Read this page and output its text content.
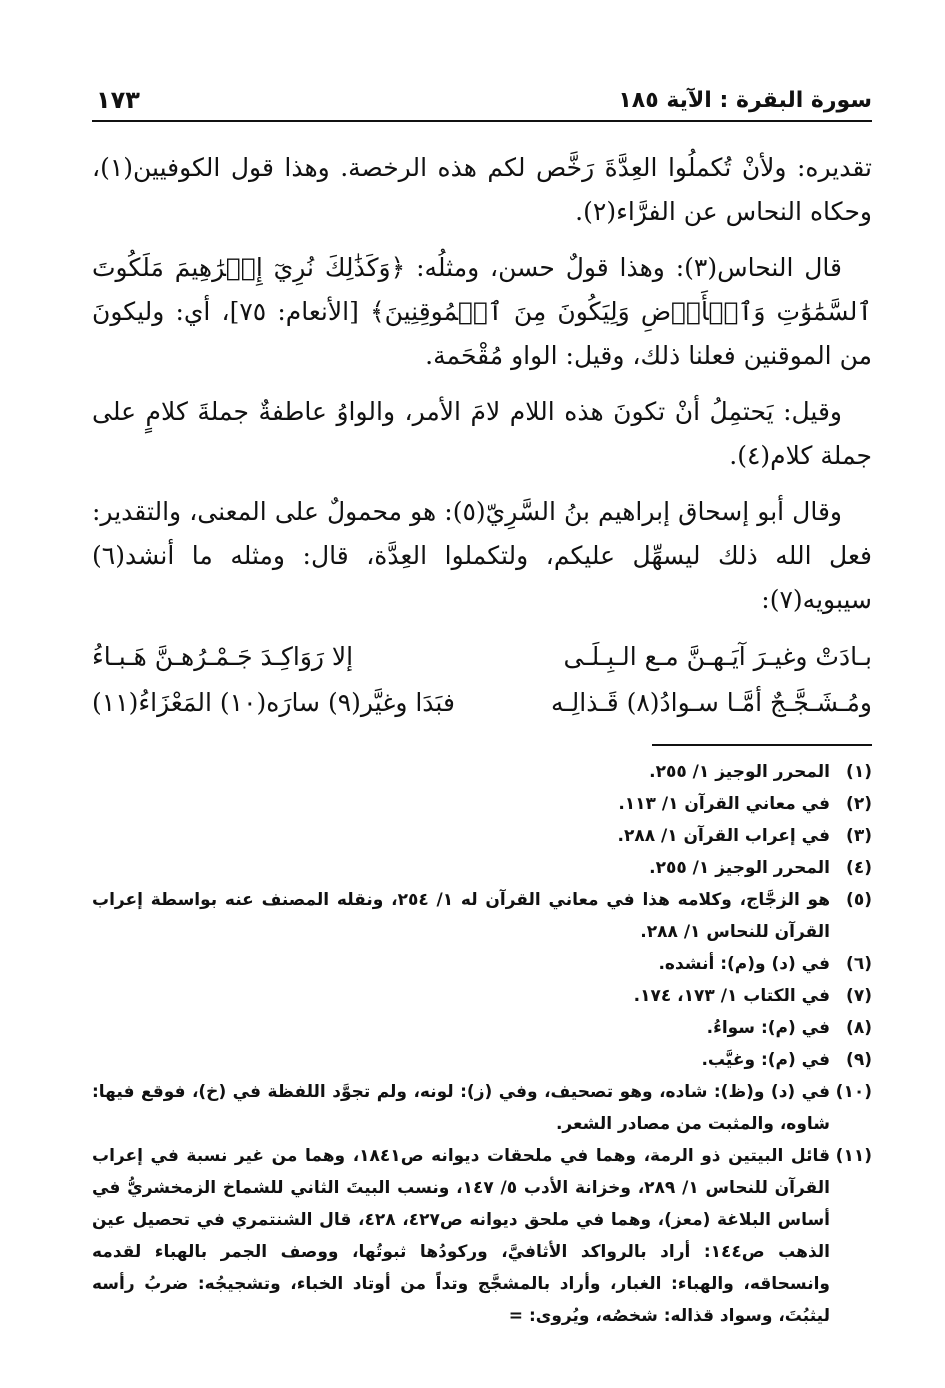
سورة البقرة : الآية ١٨٥
١٧٣

تقديره: ولأنْ تُكملُوا العِدَّةَ رَخَّص لكم هذه الرخصة. وهذا قول الكوفيين(١)، وحكاه النحاس عن الفرَّاء(٢).

قال النحاس(٣): وهذا قولٌ حسن، ومثلُه: ﴿وَكَذَٰلِكَ نُرِيٓ إِبۡرَٰهِيمَ مَلَكُوتَ ٱلسَّمَٰوَٰتِ وَٱلۡأَرۡضِ وَلِيَكُونَ مِنَ ٱلۡمُوقِنِينَ﴾ [الأنعام: ٧٥]، أي: وليكونَ من الموقنين فعلنا ذلك، وقيل: الواو مُقْحَمة.

وقيل: يَحتمِلُ أنْ تكونَ هذه اللام لامَ الأمر، والواوُ عاطفةٌ جملةَ كلامٍ على جملة كلام(٤).

وقال أبو إسحاق إبراهيم بنُ السَّرِيّ(٥): هو محمولٌ على المعنى، والتقدير: فعل الله ذلك ليسهِّل عليكم، ولتكملوا العِدَّة، قال: ومثله ما أنشد(٦) سيبويه(٧):

بـادَتْ وغيـرَ آيَـهـنَّ مـع الـبِـلَـى
إلا رَوَاكِـدَ جَـمْـرُهـنَّ هَـبـاءُ
ومُـشَـجَّـجٌ أمَّـا سـوادُ(٨) قَـذالِـه
فبَدَا وغيَّر(٩) سارَه(١٠) المَعْزَاءُ(١١)
(١)
المحرر الوجيز ١/ ٢٥٥.
(٢)
في معاني القرآن ١/ ١١٣.
(٣)
في إعراب القرآن ١/ ٢٨٨.
(٤)
المحرر الوجيز ١/ ٢٥٥.
(٥)
هو الزجَّاج، وكلامه هذا في معاني القرآن له ١/ ٢٥٤، ونقله المصنف عنه بواسطة إعراب القرآن للنحاس ١/ ٢٨٨.
(٦)
في (د) و(م): أنشده.
(٧)
في الكتاب ١/ ١٧٣، ١٧٤.
(٨)
في (م): سواءُ.
(٩)
في (م): وغيَّب.
(١٠)
في (د) و(ظ): شاده، وهو تصحيف، وفي (ز): لونه، ولم تجوَّد اللفظة في (خ)، فوقع فيها: شاوه، والمثبت من مصادر الشعر.
(١١)
قائل البيتين ذو الرمة، وهما في ملحقات ديوانه ص١٨٤١، وهما من غير نسبة في إعراب القرآن للنحاس ١/ ٢٨٩، وخزانة الأدب ٥/ ١٤٧، ونسب البيتَ الثاني للشماخ الزمخشريُّ في أساس البلاغة (معز)، وهما في ملحق ديوانه ص٤٢٧، ٤٢٨، قال الشنتمري في تحصيل عين الذهب ص١٤٤: أراد بالرواكد الأثافيَّ، وركودُها ثبوتُها، ووصف الجمر بالهباء لقدمه وانسحاقه، والهباء: الغبار، وأراد بالمشجَّج وتداً من أوتاد الخباء، وتشجيجُه: ضربُ رأسه ليثبُتَ، وسواد قذاله: شخصُه، ويُروى: =
